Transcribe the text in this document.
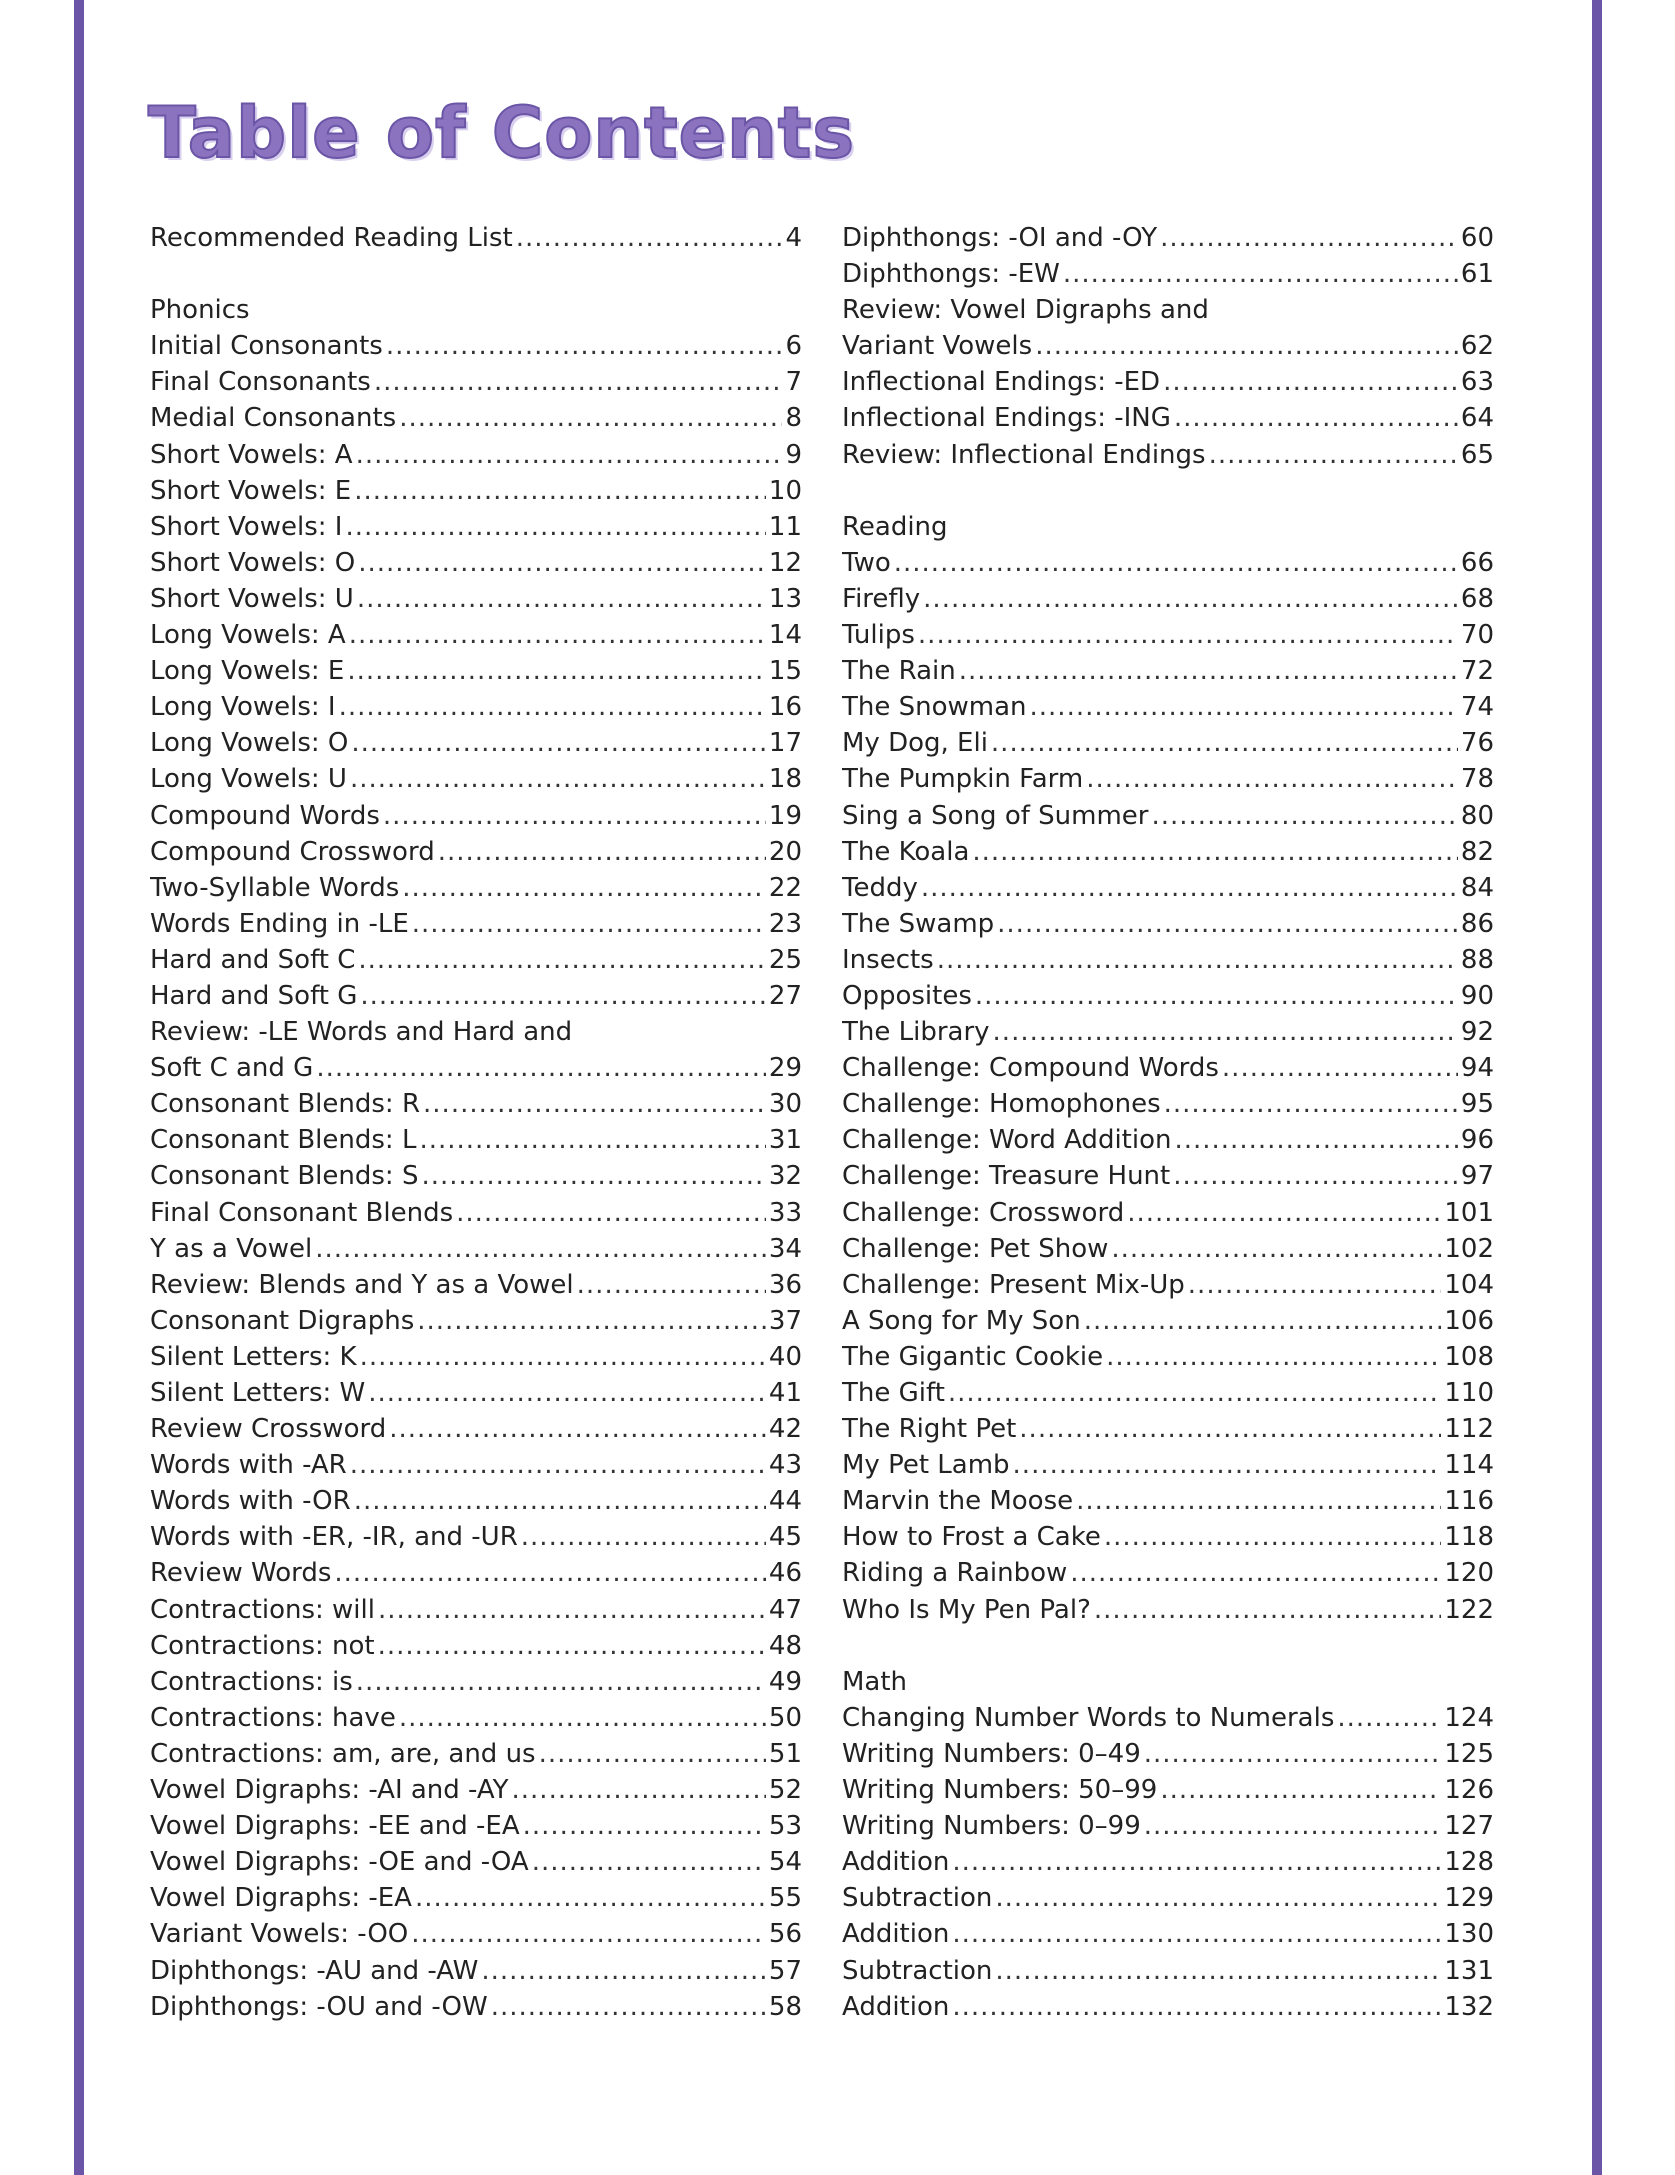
Table of Contents
Recommended Reading List .....	4
Phonics
Initial Consonants .....	6
Final Consonants .....	7
Medial Consonants .....	8
Short Vowels: A .....	9
Short Vowels: E .....	10
Short Vowels: I .....	11
Short Vowels: O .....	12
Short Vowels: U .....	13
Long Vowels: A .....	14
Long Vowels: E .....	15
Long Vowels: I .....	16
Long Vowels: O .....	17
Long Vowels: U .....	18
Compound Words .....	19
Compound Crossword .....	20
Two-Syllable Words .....	22
Words Ending in -LE .....	23
Hard and Soft C .....	25
Hard and Soft G .....	27
Review: -LE Words and Hard and
Soft C and G .....	29
Consonant Blends: R .....	30
Consonant Blends: L .....	31
Consonant Blends: S .....	32
Final Consonant Blends .....	33
Y as a Vowel .....	34
Review: Blends and Y as a Vowel .....	36
Consonant Digraphs .....	37
Silent Letters: K .....	40
Silent Letters: W .....	41
Review Crossword .....	42
Words with -AR .....	43
Words with -OR .....	44
Words with -ER, -IR, and -UR .....	45
Review Words .....	46
Contractions: will .....	47
Contractions: not .....	48
Contractions: is .....	49
Contractions: have .....	50
Contractions: am, are, and us .....	51
Vowel Digraphs: -AI and -AY .....	52
Vowel Digraphs: -EE and -EA .....	53
Vowel Digraphs: -OE and -OA .....	54
Vowel Digraphs: -EA .....	55
Variant Vowels: -OO .....	56
Diphthongs: -AU and -AW .....	57
Diphthongs: -OU and -OW .....	58
Diphthongs: -OI and -OY .....	60
Diphthongs: -EW .....	61
Review: Vowel Digraphs and
Variant Vowels .....	62
Inflectional Endings: -ED .....	63
Inflectional Endings: -ING .....	64
Review: Inflectional Endings .....	65
Reading
Two .....	66
Firefly .....	68
Tulips .....	70
The Rain .....	72
The Snowman .....	74
My Dog, Eli .....	76
The Pumpkin Farm .....	78
Sing a Song of Summer .....	80
The Koala .....	82
Teddy .....	84
The Swamp .....	86
Insects .....	88
Opposites .....	90
The Library .....	92
Challenge: Compound Words .....	94
Challenge: Homophones .....	95
Challenge: Word Addition .....	96
Challenge: Treasure Hunt .....	97
Challenge: Crossword .....	101
Challenge: Pet Show .....	102
Challenge: Present Mix-Up .....	104
A Song for My Son .....	106
The Gigantic Cookie .....	108
The Gift .....	110
The Right Pet .....	112
My Pet Lamb .....	114
Marvin the Moose .....	116
How to Frost a Cake .....	118
Riding a Rainbow .....	120
Who Is My Pen Pal? .....	122
Math
Changing Number Words to Numerals .....	124
Writing Numbers: 0–49 .....	125
Writing Numbers: 50–99 .....	126
Writing Numbers: 0–99 .....	127
Addition .....	128
Subtraction .....	129
Addition .....	130
Subtraction .....	131
Addition .....	132
